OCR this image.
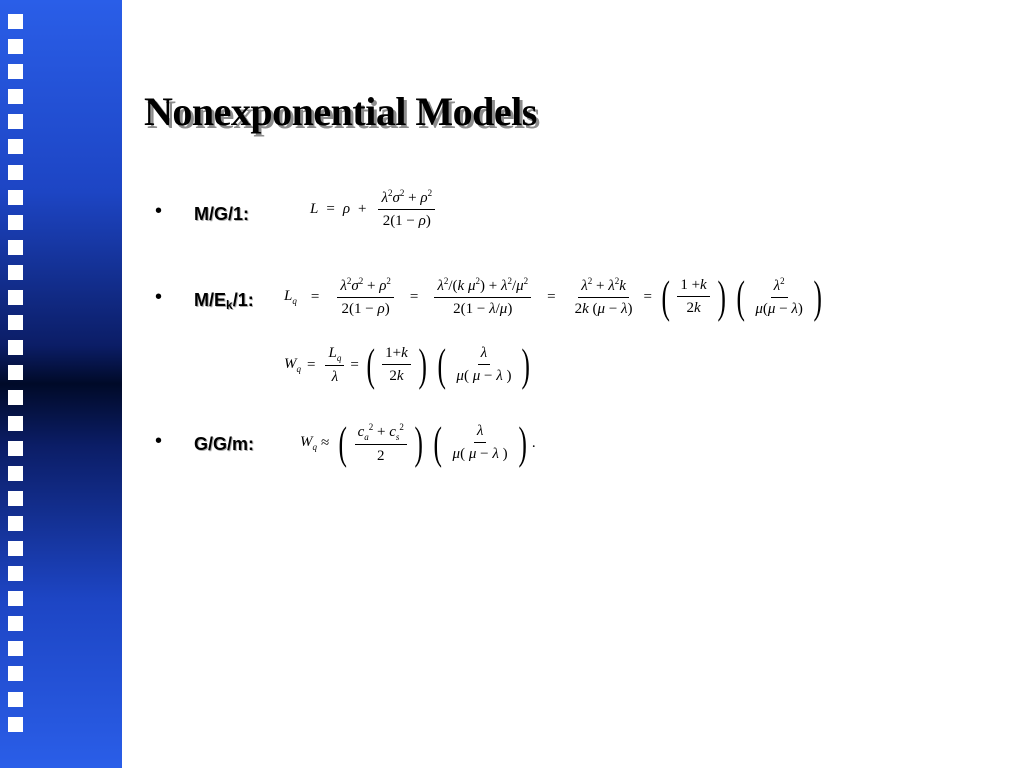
Nonexponential Models
• M/G/1:	$L = \rho + \frac{\lambda^2\sigma^2 + \rho^2}{2(1 - \rho)}$
• $M/E_k/1$: $L_q = \frac{\lambda^2\sigma^2 + \rho^2}{2(1 - \rho)} = \frac{\lambda^2/(k \mu^2) + \lambda^2/\mu^2}{2(1 - \lambda/\mu)} = \frac{\lambda^2 + \lambda^2k}{2k (\mu - \lambda)}$ = ( $\frac{1 +k}{2k}$ ) ( $\frac{\lambda^2}{\mu(\mu - \lambda)}$ )
$W_q = \frac{L_q}{\lambda}$ = ( $\frac{1+k}{2k}$ ) ( $\frac{\lambda}{\mu( \mu - \lambda )}$ )
• G/G/m:	$W_q$ ≈ ( $\frac{c_a^2 + c_s^2}{2}$ ) ( $\frac{\lambda}{\mu( \mu - \lambda )}$ ) .
